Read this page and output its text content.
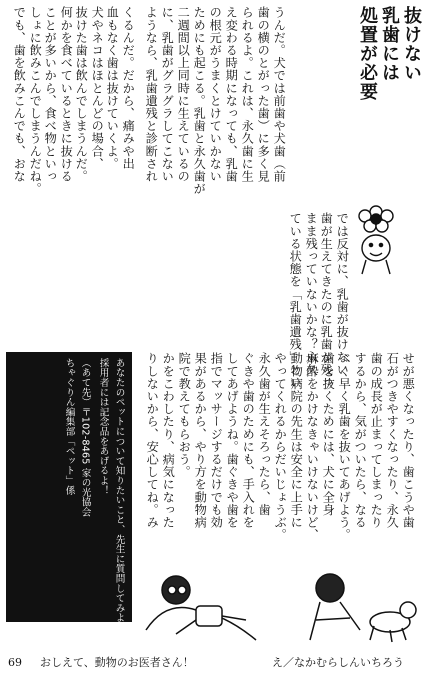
くるんだ。だから、痛みや出
血もなく歯は抜けていくよ。
犬やネコはほとんどの場合、
抜けた歯は飲んでしまうんだ。
何かを食べているときに抜ける
ことが多いから、食べ物といっ
しょに飲みこんでしまうんだね。
でも、歯を飲みこんでも、おな
ている状態を「乳歯遺残」とい
うんだ。犬では前歯や犬歯（前
歯の横のとがった歯）に多く見
られるよ。これは、永久歯に生
え変わる時期になっても、乳歯
の根元がうまくとけていかない
ためにも起こる。乳歯と永久歯が
二週間以上同時に生えているの
に、乳歯がグラグラしてこない
ようなら、乳歯遺残と診断され	抜けない
乳歯には
処置が必要
では反対に、乳歯が抜けない
歯が生えてきたのに乳歯が残っ
まま残っていないかな？永久
せが悪くなったり、歯こうや歯
石がつきやすくなったり、永久
歯の成長が止まってしまったり
するから、気がついたら、なる
べく早く乳歯を抜いてあげよう。
歯を抜くためには、犬に全身
麻酔をかけなきゃいけないけど、
動物病院の先生は安全に上手に
やってくれるからだいじょうぶ。
永久歯が生えそろったら、歯
ぐきや歯のためにも、手入れを
してあげようね。歯ぐきや歯を
指でマッサージするだけでも効
果があるから、やり方を動物病
院で教えてもらおう。
かをこわしたり、病気になった
りしないから、安心してね。み
あなたのペットについて知りたいこと、先生に質問してみよう！
採用者には記念品をあげるよ！
（あて先）〒102-8465 家の光協会
ちゃぐりん編集部「ペット」係
69 おしえて、動物のお医者さん！	え／なかむらしんいちろう
